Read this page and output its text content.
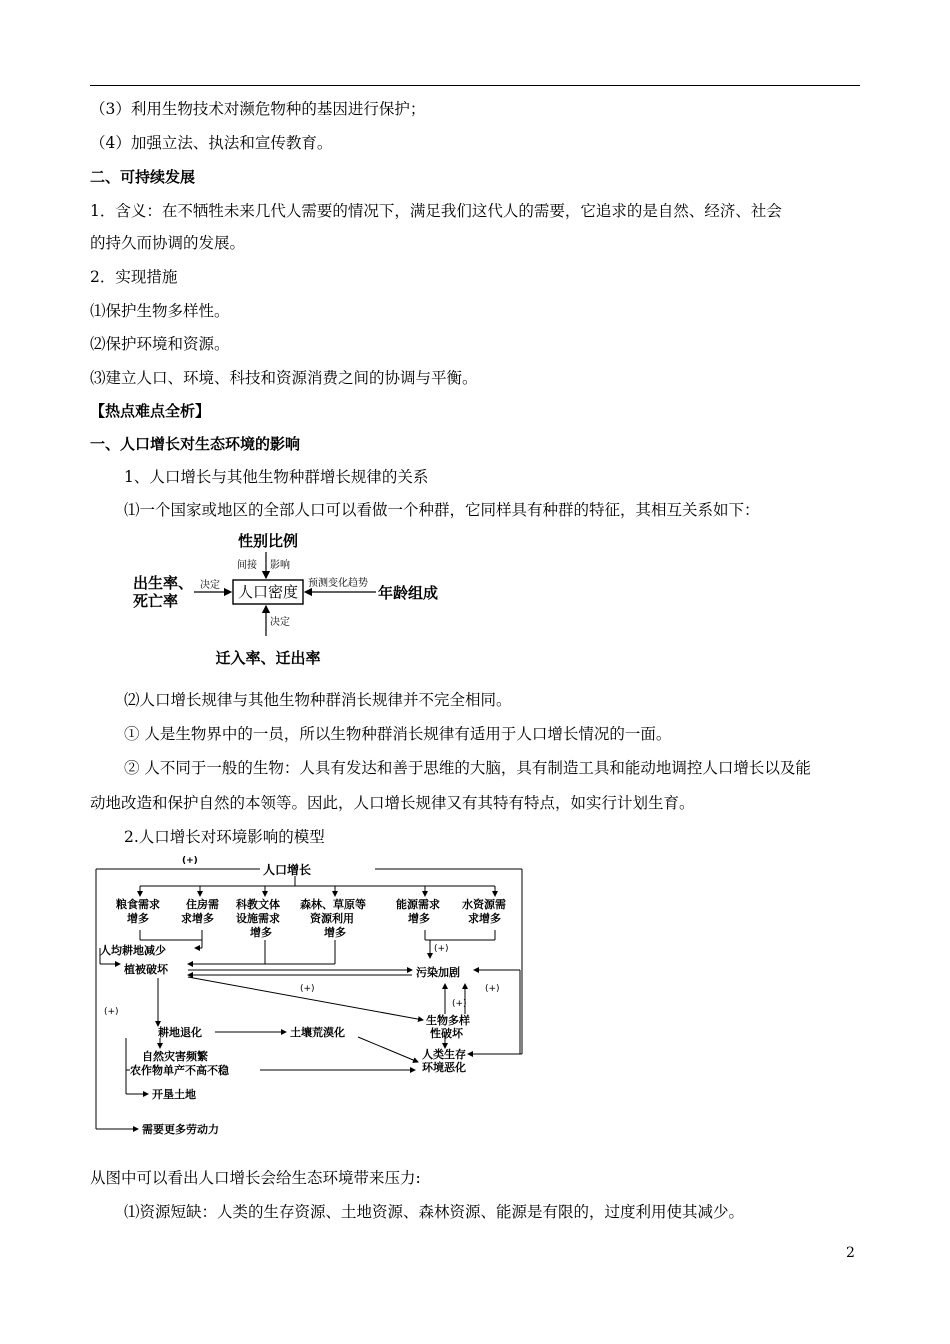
（3）利用生物技术对濒危物种的基因进行保护；
（4）加强立法、执法和宣传教育。
二、可持续发展
1．含义：在不牺牲未来几代人需要的情况下，满足我们这代人的需要，它追求的是自然、经济、社会
的持久而协调的发展。
2．实现措施
⑴保护生物多样性。
⑵保护环境和资源。
⑶建立人口、环境、科技和资源消费之间的协调与平衡。
【热点难点全析】
一、人口增长对生态环境的影响
1、人口增长与其他生物种群增长规律的关系
⑴一个国家或地区的全部人口可以看做一个种群，它同样具有种群的特征，其相互关系如下：
人口密度
性别比例
间接 影响
出生率、
死亡率
决定	年龄组成
预测变化趋势
决定
迁入率、迁出率
⑵人口增长规律与其他生物种群消长规律并不完全相同。
① 人是生物界中的一员，所以生物种群消长规律有适用于人口增长情况的一面。
② 人不同于一般的生物：人具有发达和善于思维的大脑，具有制造工具和能动地调控人口增长以及能
动地改造和保护自然的本领等。因此，人口增长规律又有其特有特点，如实行计划生育。
2.人口增长对环境影响的模型
(+)
人口增长
粮食需求
增多
住房需
求增多
科教文体
设施需求
增多
森林、草原等
资源利用
增多
能源需求
增多
水资源需
求增多
人均耕地减少	(+)
植被破坏	污染加剧
(+)	(+)
(+)
(+)
生物多样
性破坏
耕地退化	土壤荒漠化
自然灾害频繁	人类生存
环境恶化
农作物单产不高不稳
开垦土地
需要更多劳动力
从图中可以看出人口增长会给生态环境带来压力:
⑴资源短缺：人类的生存资源、土地资源、森林资源、能源是有限的，过度利用使其减少。
2
